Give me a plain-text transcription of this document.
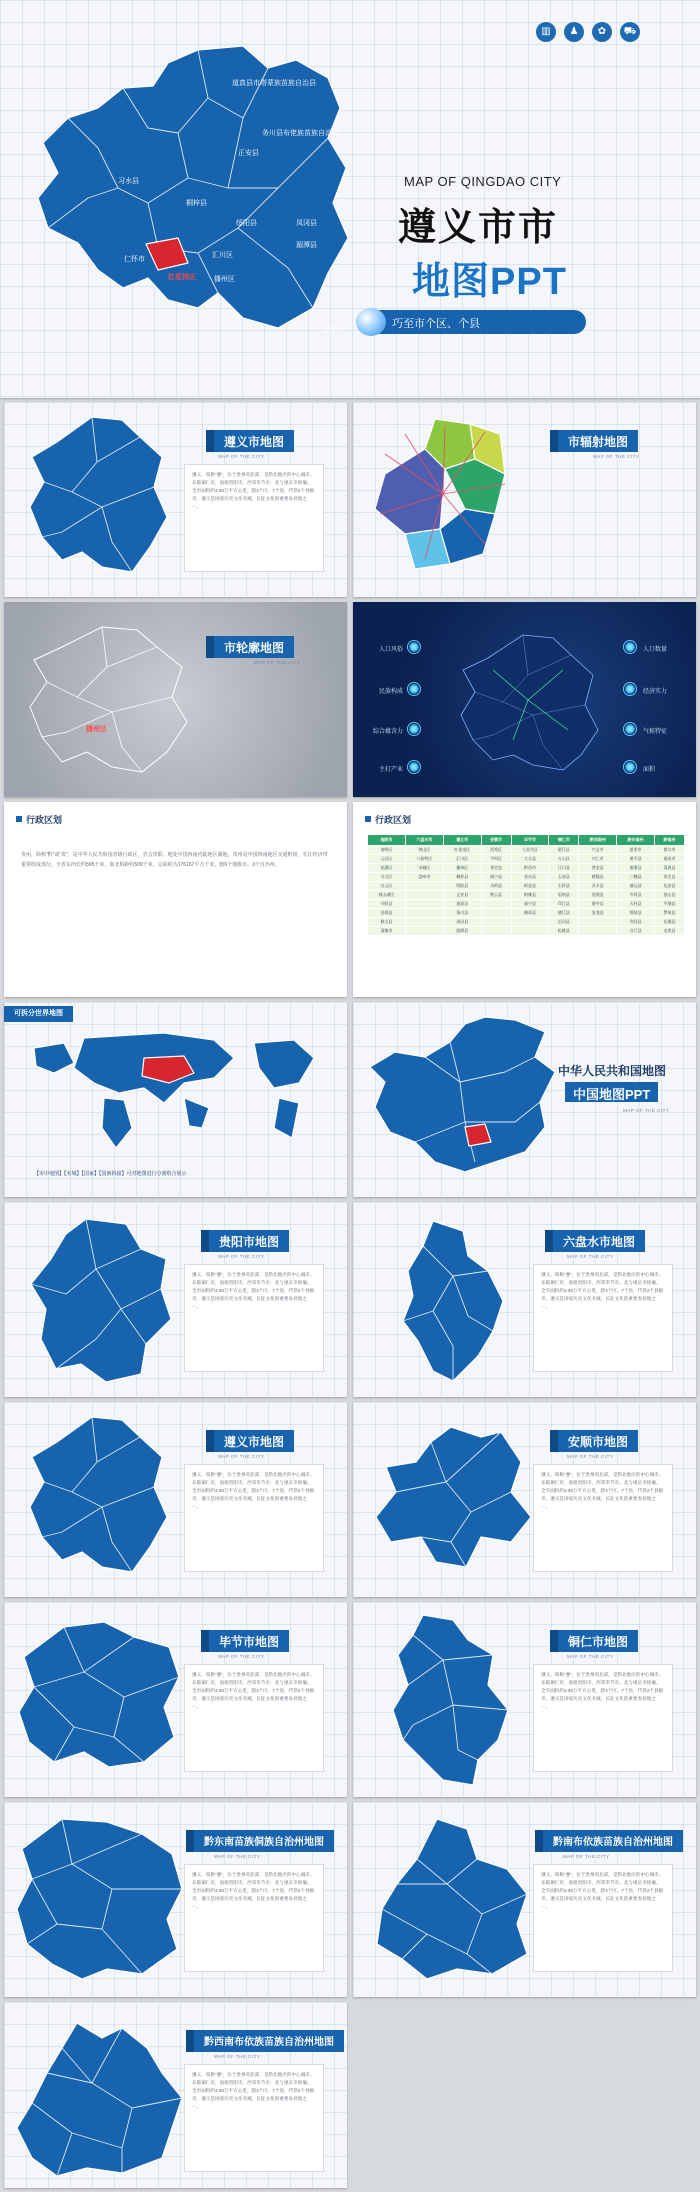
道真县市塔蒙族苗族自治县
务川县布佬族苗族自治县
正安县
习水县
桐梓县
绥阳县	凤冈县
湄潭县
余庆县
仁怀市
汇川区
红花岗区	播州区
▥	♟	✿	⛟
MAP OF QINGDAO CITY
遵义市市
地图PPT
巧至市个区、个县
遵义市地图
MAP OF THE CITY
遵义，简称“遵”，位于贵州省北部，是黔北地区的中心城市。东临铜仁市，南接贵阳市，西邻毕节市，北与重庆市接壤。全市面积约3.08万平方公里，辖3个区、7个县，代管2个县级市。遵义是国家历史文化名城，长征文化的重要发祥地之一。
市辐射地图
MAP OF THE CITY
播州区
市轮廓地图
MAP OF THE CITY
人口风俗
民族构成
综合蕴含力
主打产业
人口数量
经济实力
气候特征
面积
行政区划
贵州，简称“黔”或“贵”，是中华人民共和国省级行政区，省会贵阳，地处中国西南内陆地区腹地。贵州是中国西南地区交通枢纽，长江经济带重要组成部分。全省东西长约595千米，南北相距约509千米，总面积为176167平方千米，辖6个地级市、3个自治州。
行政区划
地级市	六盘水市	遵义市	安顺市	毕节市	铜仁市	黔西南州	黔东南州	黔南州
南明区	钟山区	红花岗区	西秀区	七星关区	碧江区	兴义市	凯里市	都匀市
云岩区	六枝特区	汇川区	平坝区	大方县	万山区	兴仁市	黄平县	福泉市
花溪区	水城区	播州区	普定县	黔西市	江口县	普安县	施秉县	荔波县
乌当区	盘州市	桐梓县	镇宁县	金沙县	玉屏县	晴隆县	三穗县	贵定县
白云区		绥阳县	关岭县	织金县	石阡县	贞丰县	镇远县	瓮安县
观山湖区		正安县	紫云县	纳雍县	思南县	望谟县	岑巩县	独山县
开阳县		道真县		威宁县	印江县	册亨县	天柱县	平塘县
息烽县		务川县		赫章县	德江县	安龙县	锦屏县	罗甸县
修文县		凤冈县			沿河县		剑河县	长顺县
清镇市		湄潭县			松桃县		台江县	龙里县
可拆分世界地图
【市中地图】【名城】【国家】【国画拆接】可对地图进行分割组合展示
中华人民共和国地图
中国地图PPT
MAP OF THE CITY
贵阳市地图
MAP OF THE CITY
遵义，简称“遵”，位于贵州省北部，是黔北地区的中心城市。东临铜仁市，南接贵阳市，西邻毕节市，北与重庆市接壤。全市面积约3.08万平方公里，辖3个区、7个县，代管2个县级市。遵义是国家历史文化名城，长征文化的重要发祥地之一。
六盘水市地图
MAP OF THE CITY
遵义，简称“遵”，位于贵州省北部，是黔北地区的中心城市。东临铜仁市，南接贵阳市，西邻毕节市，北与重庆市接壤。全市面积约3.08万平方公里，辖3个区、7个县，代管2个县级市。遵义是国家历史文化名城，长征文化的重要发祥地之一。
遵义市地图
MAP OF THE CITY
遵义，简称“遵”，位于贵州省北部，是黔北地区的中心城市。东临铜仁市，南接贵阳市，西邻毕节市，北与重庆市接壤。全市面积约3.08万平方公里，辖3个区、7个县，代管2个县级市。遵义是国家历史文化名城，长征文化的重要发祥地之一。
安顺市地图
MAP OF THE CITY
遵义，简称“遵”，位于贵州省北部，是黔北地区的中心城市。东临铜仁市，南接贵阳市，西邻毕节市，北与重庆市接壤。全市面积约3.08万平方公里，辖3个区、7个县，代管2个县级市。遵义是国家历史文化名城，长征文化的重要发祥地之一。
毕节市地图
MAP OF THE CITY
遵义，简称“遵”，位于贵州省北部，是黔北地区的中心城市。东临铜仁市，南接贵阳市，西邻毕节市，北与重庆市接壤。全市面积约3.08万平方公里，辖3个区、7个县，代管2个县级市。遵义是国家历史文化名城，长征文化的重要发祥地之一。
铜仁市地图
MAP OF THE CITY
遵义，简称“遵”，位于贵州省北部，是黔北地区的中心城市。东临铜仁市，南接贵阳市，西邻毕节市，北与重庆市接壤。全市面积约3.08万平方公里，辖3个区、7个县，代管2个县级市。遵义是国家历史文化名城，长征文化的重要发祥地之一。
黔东南苗族侗族自治州地图
MAP OF THE CITY
遵义，简称“遵”，位于贵州省北部，是黔北地区的中心城市。东临铜仁市，南接贵阳市，西邻毕节市，北与重庆市接壤。全市面积约3.08万平方公里，辖3个区、7个县，代管2个县级市。遵义是国家历史文化名城，长征文化的重要发祥地之一。
黔南布依族苗族自治州地图
MAP OF THE CITY
遵义，简称“遵”，位于贵州省北部，是黔北地区的中心城市。东临铜仁市，南接贵阳市，西邻毕节市，北与重庆市接壤。全市面积约3.08万平方公里，辖3个区、7个县，代管2个县级市。遵义是国家历史文化名城，长征文化的重要发祥地之一。
黔西南布依族苗族自治州地图
MAP OF THE CITY
遵义，简称“遵”，位于贵州省北部，是黔北地区的中心城市。东临铜仁市，南接贵阳市，西邻毕节市，北与重庆市接壤。全市面积约3.08万平方公里，辖3个区、7个县，代管2个县级市。遵义是国家历史文化名城，长征文化的重要发祥地之一。
